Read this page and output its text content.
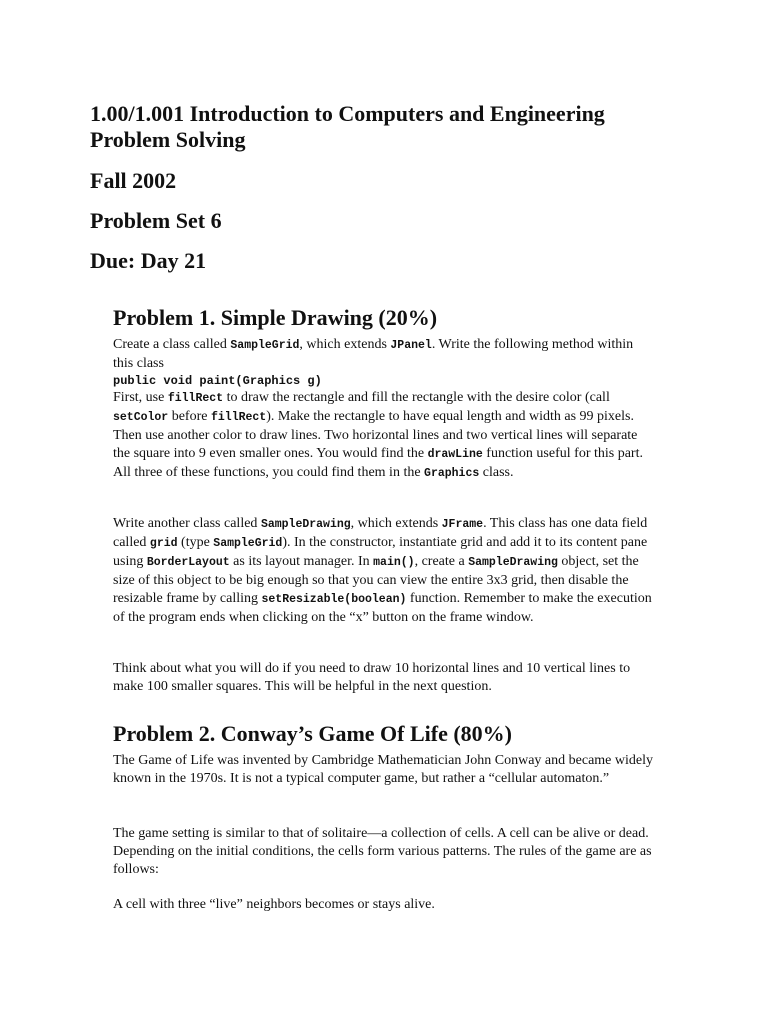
1.00/1.001 Introduction to Computers and Engineering Problem Solving
Fall 2002
Problem Set 6
Due: Day 21
Problem 1. Simple Drawing (20%)

Create a class called SampleGrid, which extends JPanel. Write the following method within this class
public void paint(Graphics g)
First, use fillRect to draw the rectangle and fill the rectangle with the desire color (call setColor before fillRect). Make the rectangle to have equal length and width as 99 pixels. Then use another color to draw lines. Two horizontal lines and two vertical lines will separate the square into 9 even smaller ones. You would find the drawLine function useful for this part. All three of these functions, you could find them in the Graphics class.

Write another class called SampleDrawing, which extends JFrame. This class has one data field called grid (type SampleGrid). In the constructor, instantiate grid and add it to its content pane using BorderLayout as its layout manager. In main(), create a SampleDrawing object, set the size of this object to be big enough so that you can view the entire 3x3 grid, then disable the resizable frame by calling setResizable(boolean) function. Remember to make the execution of the program ends when clicking on the “x” button on the frame window.

Think about what you will do if you need to draw 10 horizontal lines and 10 vertical lines to make 100 smaller squares. This will be helpful in the next question.

Problem 2. Conway’s Game Of Life (80%)

The Game of Life was invented by Cambridge Mathematician John Conway and became widely known in the 1970s. It is not a typical computer game, but rather a “cellular automaton.”

The game setting is similar to that of solitaire—a collection of cells. A cell can be alive or dead. Depending on the initial conditions, the cells form various patterns. The rules of the game are as follows:

A cell with three “live” neighbors becomes or stays alive.
